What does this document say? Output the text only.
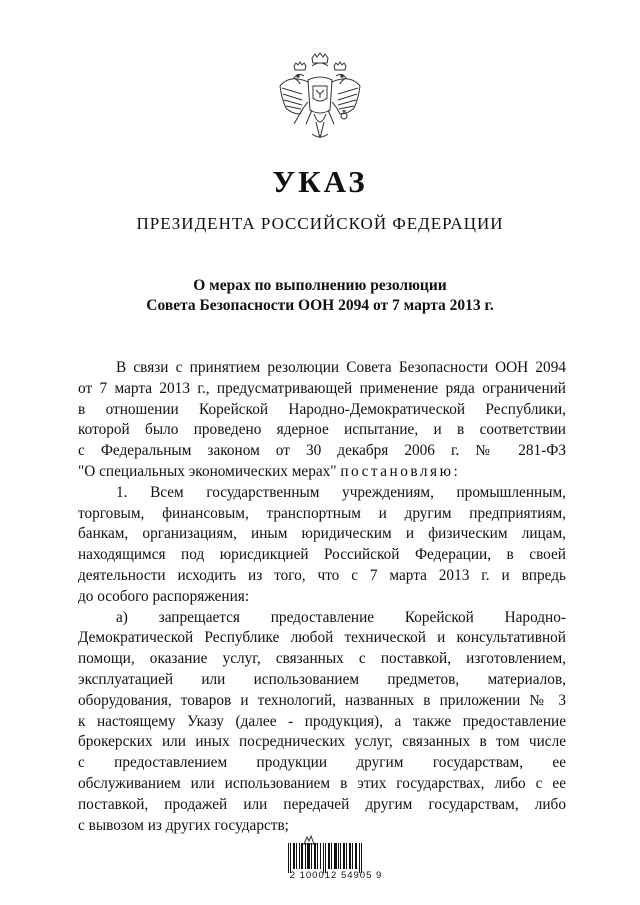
УКАЗ
ПРЕЗИДЕНТА РОССИЙСКОЙ ФЕДЕРАЦИИ
О мерах по выполнению резолюции
Совета Безопасности ООН 2094 от 7 марта 2013 г.
В связи с принятием резолюции Совета Безопасности ООН 2094
от 7 марта 2013 г., предусматривающей применение ряда ограничений
в отношении Корейской Народно-Демократической Республики,
которой было проведено ядерное испытание, и в соответствии
с Федеральным законом от 30 декабря 2006 г. № 281-ФЗ
"О специальных экономических мерах" постановляю:
1. Всем государственным учреждениям, промышленным,
торговым, финансовым, транспортным и другим предприятиям,
банкам, организациям, иным юридическим и физическим лицам,
находящимся под юрисдикцией Российской Федерации, в своей
деятельности исходить из того, что с 7 марта 2013 г. и впредь
до особого распоряжения:
а) запрещается предоставление Корейской Народно-
Демократической Республике любой технической и консультативной
помощи, оказание услуг, связанных с поставкой, изготовлением,
эксплуатацией или использованием предметов, материалов,
оборудования, товаров и технологий, названных в приложении № 3
к настоящему Указу (далее - продукция), а также предоставление
брокерских или иных посреднических услуг, связанных в том числе
с предоставлением продукции другим государствам, ее
обслуживанием или использованием в этих государствах, либо с ее
поставкой, продажей или передачей другим государствам, либо
с вывозом из других государств;
2 100012 54905 9
